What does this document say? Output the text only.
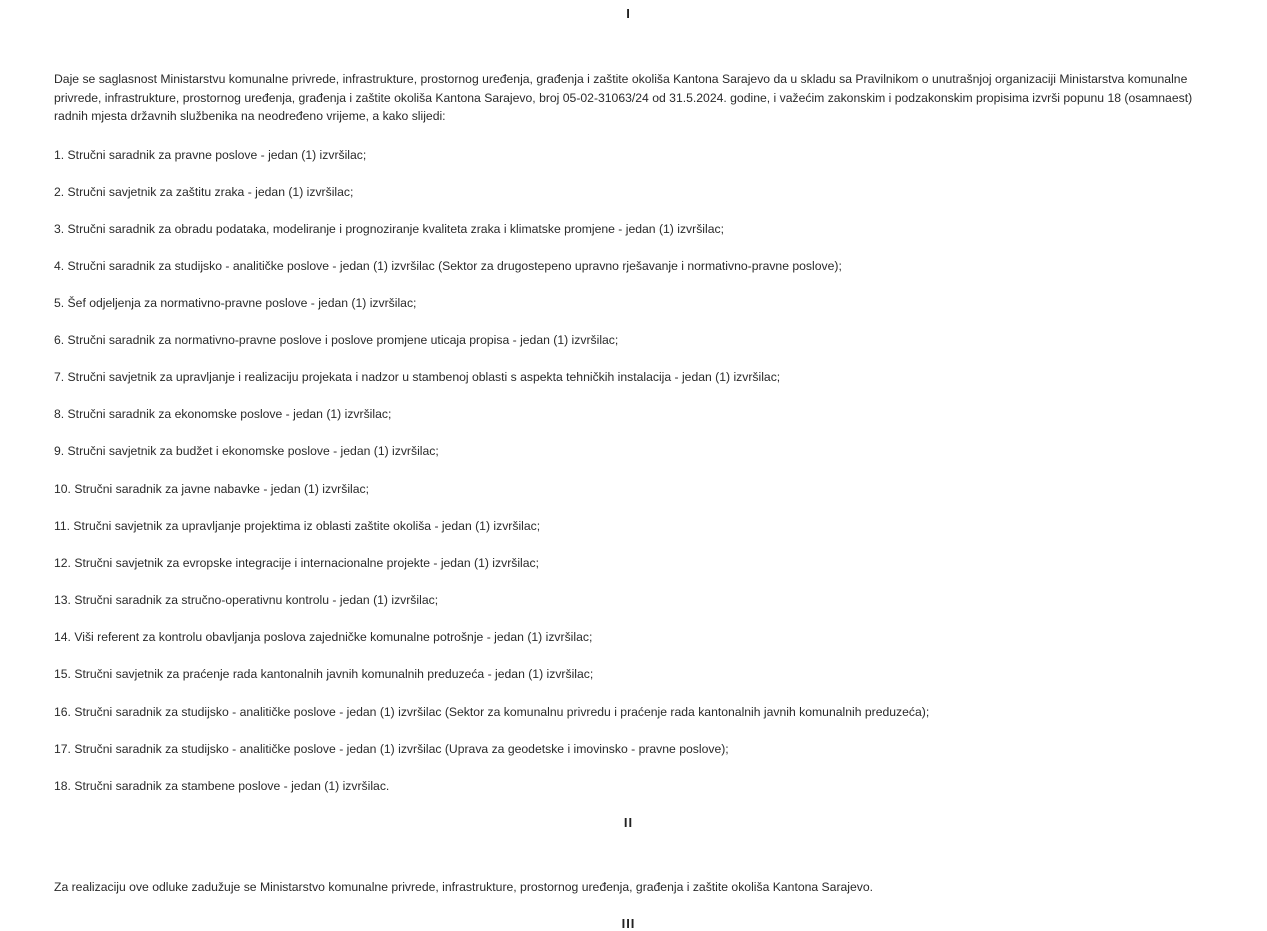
I

Daje se saglasnost Ministarstvu komunalne privrede, infrastrukture, prostornog uređenja, građenja i zaštite okoliša Kantona Sarajevo da u skladu sa Pravilnikom o unutrašnjoj organizaciji Ministarstva komunalne privrede, infrastrukture, prostornog uređenja, građenja i zaštite okoliša Kantona Sarajevo, broj 05-02-31063/24 od 31.5.2024. godine, i važećim zakonskim i podzakonskim propisima izvrši popunu 18 (osamnaest) radnih mjesta državnih službenika na neodređeno vrijeme, a kako slijedi:

1. Stručni saradnik za pravne poslove - jedan (1) izvršilac;

2. Stručni savjetnik za zaštitu zraka - jedan (1) izvršilac;

3. Stručni saradnik za obradu podataka, modeliranje i prognoziranje kvaliteta zraka i klimatske promjene - jedan (1) izvršilac;

4. Stručni saradnik za studijsko - analitičke poslove - jedan (1) izvršilac (Sektor za drugostepeno upravno rješavanje i normativno-pravne poslove);

5. Šef odjeljenja za normativno-pravne poslove - jedan (1) izvršilac;

6. Stručni saradnik za normativno-pravne poslove i poslove promjene uticaja propisa - jedan (1) izvršilac;

7. Stručni savjetnik za upravljanje i realizaciju projekata i nadzor u stambenoj oblasti s aspekta tehničkih instalacija - jedan (1) izvršilac;

8. Stručni saradnik za ekonomske poslove - jedan (1) izvršilac;

9. Stručni savjetnik za budžet i ekonomske poslove - jedan (1) izvršilac;

10. Stručni saradnik za javne nabavke - jedan (1) izvršilac;

11. Stručni savjetnik za upravljanje projektima iz oblasti zaštite okoliša - jedan (1) izvršilac;

12. Stručni savjetnik za evropske integracije i internacionalne projekte - jedan (1) izvršilac;

13. Stručni saradnik za stručno-operativnu kontrolu - jedan (1) izvršilac;

14. Viši referent za kontrolu obavljanja poslova zajedničke komunalne potrošnje - jedan (1) izvršilac;

15. Stručni savjetnik za praćenje rada kantonalnih javnih komunalnih preduzeća - jedan (1) izvršilac;

16. Stručni saradnik za studijsko - analitičke poslove - jedan (1) izvršilac (Sektor za komunalnu privredu i praćenje rada kantonalnih javnih komunalnih preduzeća);

17. Stručni saradnik za studijsko - analitičke poslove - jedan (1) izvršilac (Uprava za geodetske i imovinsko - pravne poslove);

18. Stručni saradnik za stambene poslove - jedan (1) izvršilac.

II

Za realizaciju ove odluke zadužuje se Ministarstvo komunalne privrede, infrastrukture, prostornog uređenja, građenja i zaštite okoliša Kantona Sarajevo.

III
